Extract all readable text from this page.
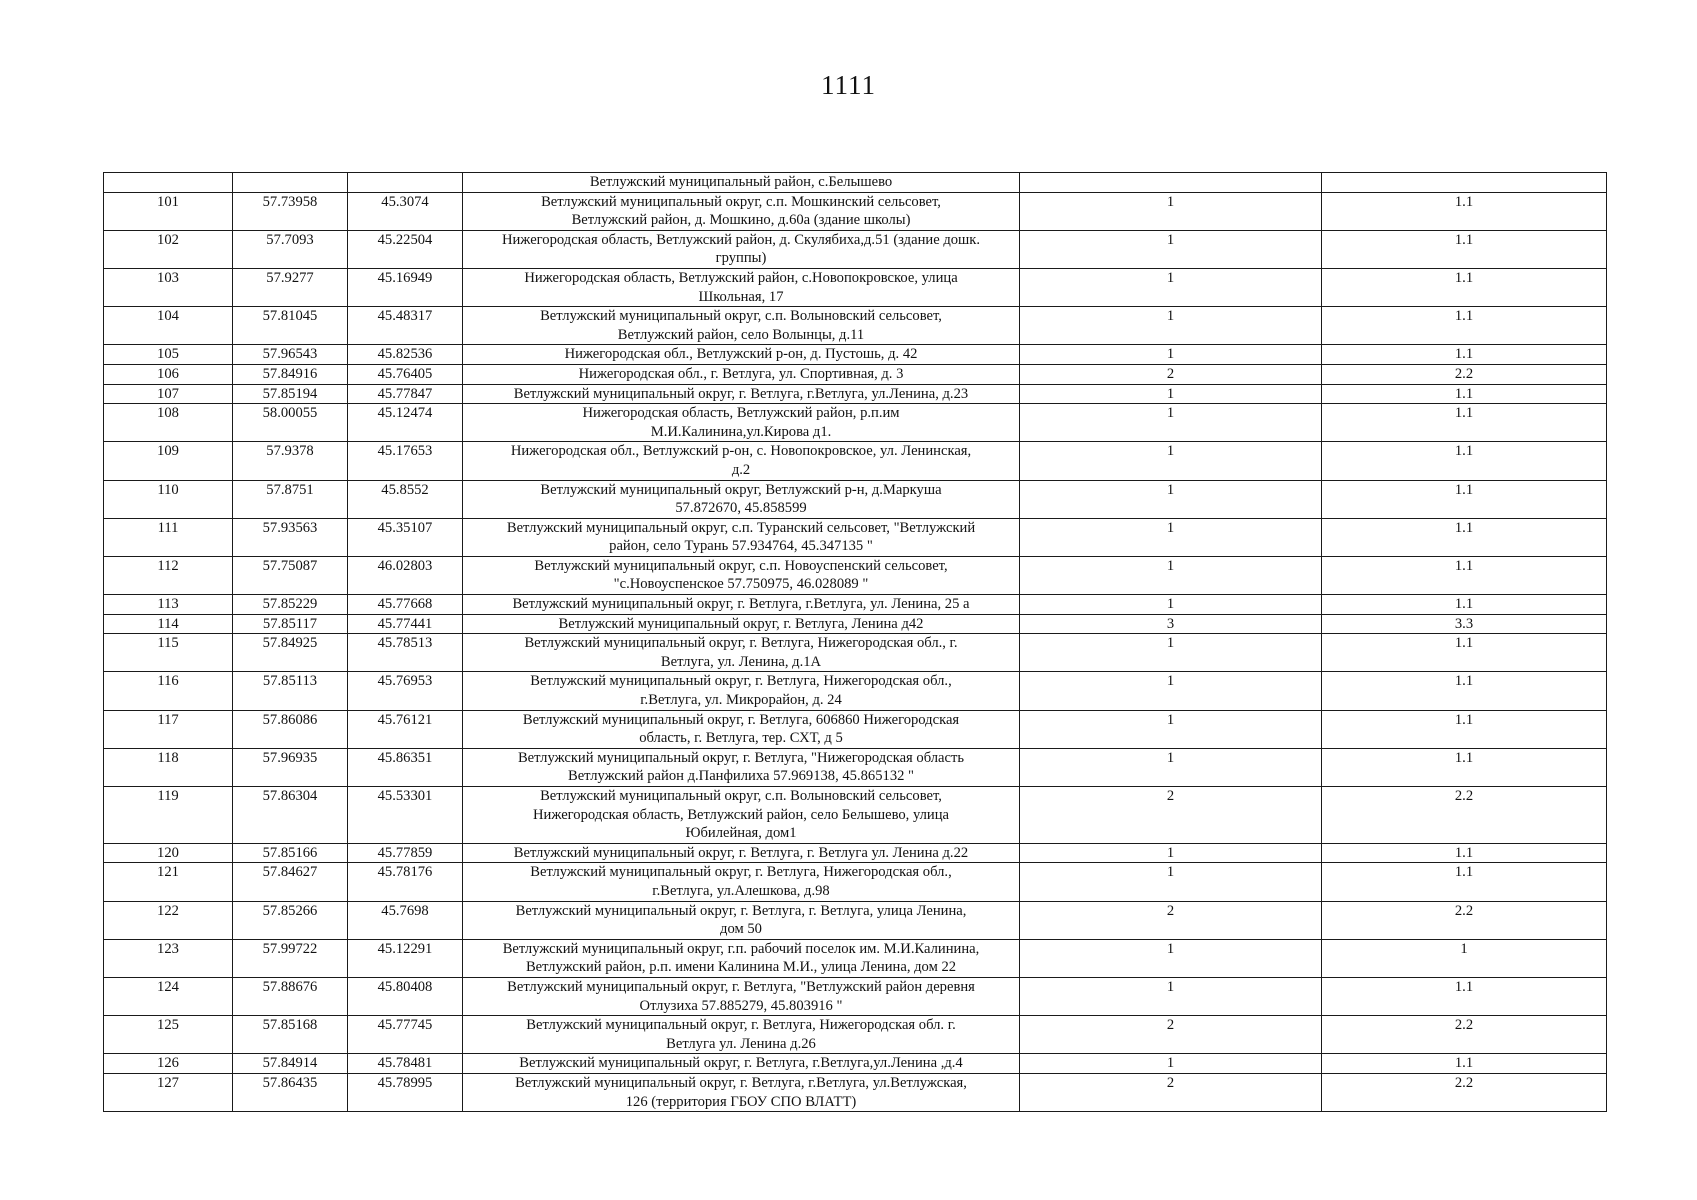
1111

			Ветлужский муниципальный район, с.Белышево		

101	57.73958	45.3074	Ветлужский муниципальный округ, с.п. Мошкинский сельсовет,
Ветлужский район, д. Мошкино, д.60а (здание школы)	1	1.1
102	57.7093	45.22504	Нижегородская область, Ветлужский район, д. Скулябиха,д.51 (здание дошк.
группы)	1	1.1
103	57.9277	45.16949	Нижегородская область, Ветлужский район, с.Новопокровское, улица
Школьная, 17	1	1.1
104	57.81045	45.48317	Ветлужский муниципальный округ, с.п. Волыновский сельсовет,
Ветлужский район, село Волынцы, д.11	1	1.1
105	57.96543	45.82536	Нижегородская обл., Ветлужский р-он, д. Пустошь, д. 42	1	1.1
106	57.84916	45.76405	Нижегородская обл., г. Ветлуга, ул. Спортивная, д. 3	2	2.2
107	57.85194	45.77847	Ветлужский муниципальный округ, г. Ветлуга, г.Ветлуга, ул.Ленина, д.23	1	1.1
108	58.00055	45.12474	Нижегородская область, Ветлужский район, р.п.им
М.И.Калинина,ул.Кирова д1.	1	1.1
109	57.9378	45.17653	Нижегородская обл., Ветлужский р-он, с. Новопокровское, ул. Ленинская,
д.2	1	1.1
110	57.8751	45.8552	Ветлужский муниципальный округ, Ветлужский р-н, д.Маркуша
57.872670, 45.858599	1	1.1
111	57.93563	45.35107	Ветлужский муниципальный округ, с.п. Туранский сельсовет, "Ветлужский
район, село Турань 57.934764, 45.347135 "	1	1.1
112	57.75087	46.02803	Ветлужский муниципальный округ, с.п. Новоуспенский сельсовет,
"с.Новоуспенское 57.750975, 46.028089 "	1	1.1
113	57.85229	45.77668	Ветлужский муниципальный округ, г. Ветлуга, г.Ветлуга, ул. Ленина, 25 а	1	1.1
114	57.85117	45.77441	Ветлужский муниципальный округ, г. Ветлуга, Ленина д42	3	3.3
115	57.84925	45.78513	Ветлужский муниципальный округ, г. Ветлуга, Нижегородская обл., г.
Ветлуга, ул. Ленина, д.1А	1	1.1
116	57.85113	45.76953	Ветлужский муниципальный округ, г. Ветлуга, Нижегородская обл.,
г.Ветлуга, ул. Микрорайон, д. 24	1	1.1
117	57.86086	45.76121	Ветлужский муниципальный округ, г. Ветлуга, 606860 Нижегородская
область, г. Ветлуга, тер. СХТ, д 5	1	1.1
118	57.96935	45.86351	Ветлужский муниципальный округ, г. Ветлуга, "Нижегородская область
Ветлужский район д.Панфилиха 57.969138, 45.865132 "	1	1.1
119	57.86304	45.53301	Ветлужский муниципальный округ, с.п. Волыновский сельсовет,
Нижегородская область, Ветлужский район, село Белышево, улица
Юбилейная, дом1	2	2.2
120	57.85166	45.77859	Ветлужский муниципальный округ, г. Ветлуга, г. Ветлуга ул. Ленина д.22	1	1.1
121	57.84627	45.78176	Ветлужский муниципальный округ, г. Ветлуга, Нижегородская обл.,
г.Ветлуга, ул.Алешкова, д.98	1	1.1
122	57.85266	45.7698	Ветлужский муниципальный округ, г. Ветлуга, г. Ветлуга, улица Ленина,
дом 50	2	2.2
123	57.99722	45.12291	Ветлужский муниципальный округ, г.п. рабочий поселок им. М.И.Калинина,
Ветлужский район, р.п. имени Калинина М.И., улица Ленина, дом 22	1	1
124	57.88676	45.80408	Ветлужский муниципальный округ, г. Ветлуга, "Ветлужский район деревня
Отлузиха 57.885279, 45.803916 "	1	1.1
125	57.85168	45.77745	Ветлужский муниципальный округ, г. Ветлуга, Нижегородская обл. г.
Ветлуга ул. Ленина д.26	2	2.2
126	57.84914	45.78481	Ветлужский муниципальный округ, г. Ветлуга, г.Ветлуга,ул.Ленина ,д.4	1	1.1
127	57.86435	45.78995	Ветлужский муниципальный округ, г. Ветлуга, г.Ветлуга, ул.Ветлужская,
126 (территория ГБОУ СПО ВЛАТТ)	2	2.2
